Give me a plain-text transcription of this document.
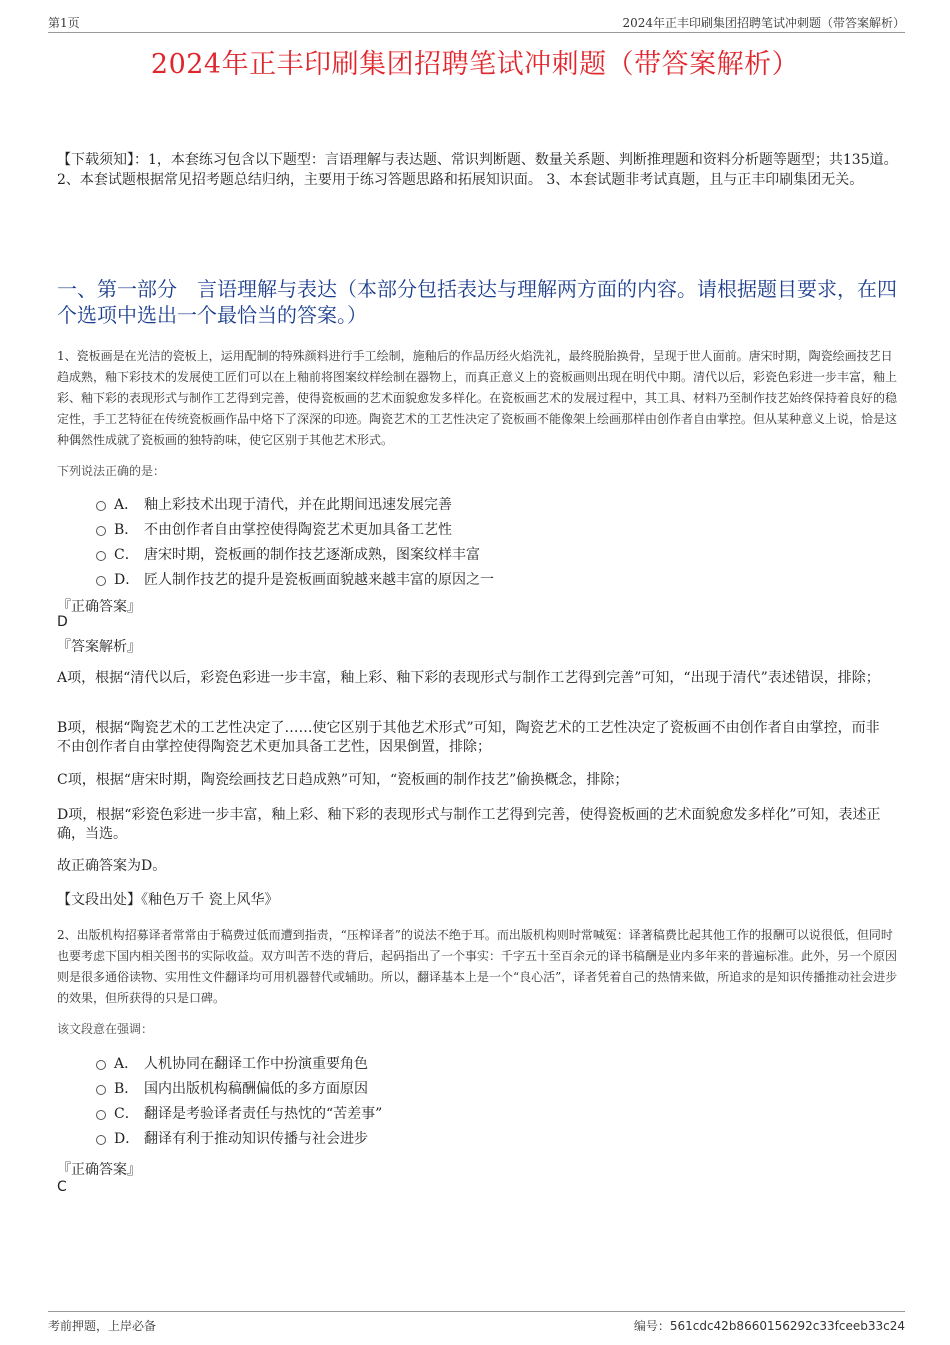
第1页	2024年正丰印刷集团招聘笔试冲刺题（带答案解析）
2024年正丰印刷集团招聘笔试冲刺题（带答案解析）
【下载须知】：1，本套练习包含以下题型：言语理解与表达题、常识判断题、数量关系题、判断推理题和资料分析题等题型；共135道。 2、本套试题根据常见招考题总结归纳，主要用于练习答题思路和拓展知识面。 3、本套试题非考试真题，且与正丰印刷集团无关。
一、第一部分　言语理解与表达（本部分包括表达与理解两方面的内容。请根据题目要求，在四个选项中选出一个最恰当的答案。）
1、瓷板画是在光洁的瓷板上，运用配制的特殊颜料进行手工绘制，施釉后的作品历经火焰洗礼，最终脱胎换骨，呈现于世人面前。唐宋时期，陶瓷绘画技艺日趋成熟，釉下彩技术的发展使工匠们可以在上釉前将图案纹样绘制在器物上，而真正意义上的瓷板画则出现在明代中期。清代以后，彩瓷色彩进一步丰富，釉上彩、釉下彩的表现形式与制作工艺得到完善，使得瓷板画的艺术面貌愈发多样化。在瓷板画艺术的发展过程中，其工具、材料乃至制作技艺始终保持着良好的稳定性，手工艺特征在传统瓷板画作品中烙下了深深的印迹。陶瓷艺术的工艺性决定了瓷板画不能像架上绘画那样由创作者自由掌控。但从某种意义上说，恰是这种偶然性成就了瓷板画的独特韵味，使它区别于其他艺术形式。
下列说法正确的是：
A． 釉上彩技术出现于清代，并在此期间迅速发展完善
B． 不由创作者自由掌控使得陶瓷艺术更加具备工艺性
C． 唐宋时期，瓷板画的制作技艺逐渐成熟，图案纹样丰富
D． 匠人制作技艺的提升是瓷板画面貌越来越丰富的原因之一
『正确答案』
D
『答案解析』
A项，根据“清代以后，彩瓷色彩进一步丰富，釉上彩、釉下彩的表现形式与制作工艺得到完善”可知，“出现于清代”表述错误，排除；
B项，根据“陶瓷艺术的工艺性决定了……使它区别于其他艺术形式”可知，陶瓷艺术的工艺性决定了瓷板画不由创作者自由掌控，而非不由创作者自由掌控使得陶瓷艺术更加具备工艺性，因果倒置，排除；
C项，根据“唐宋时期，陶瓷绘画技艺日趋成熟”可知，“瓷板画的制作技艺”偷换概念，排除；
D项，根据“彩瓷色彩进一步丰富，釉上彩、釉下彩的表现形式与制作工艺得到完善，使得瓷板画的艺术面貌愈发多样化”可知，表述正确，当选。
故正确答案为D。
【文段出处】《釉色万千 瓷上风华》
2、出版机构招募译者常常由于稿费过低而遭到指责，“压榨译者”的说法不绝于耳。而出版机构则时常喊冤：译著稿费比起其他工作的报酬可以说很低，但同时也要考虑下国内相关图书的实际收益。双方叫苦不迭的背后，起码指出了一个事实：千字五十至百余元的译书稿酬是业内多年来的普遍标准。此外，另一个原因则是很多通俗读物、实用性文件翻译均可用机器替代或辅助。所以，翻译基本上是一个“良心活”，译者凭着自己的热情来做，所追求的是知识传播推动社会进步的效果，但所获得的只是口碑。
该文段意在强调：
A． 人机协同在翻译工作中扮演重要角色
B． 国内出版机构稿酬偏低的多方面原因
C． 翻译是考验译者责任与热忱的“苦差事”
D． 翻译有利于推动知识传播与社会进步
『正确答案』
C
考前押题，上岸必备	编号：561cdc42b8660156292c33fceeb33c24
